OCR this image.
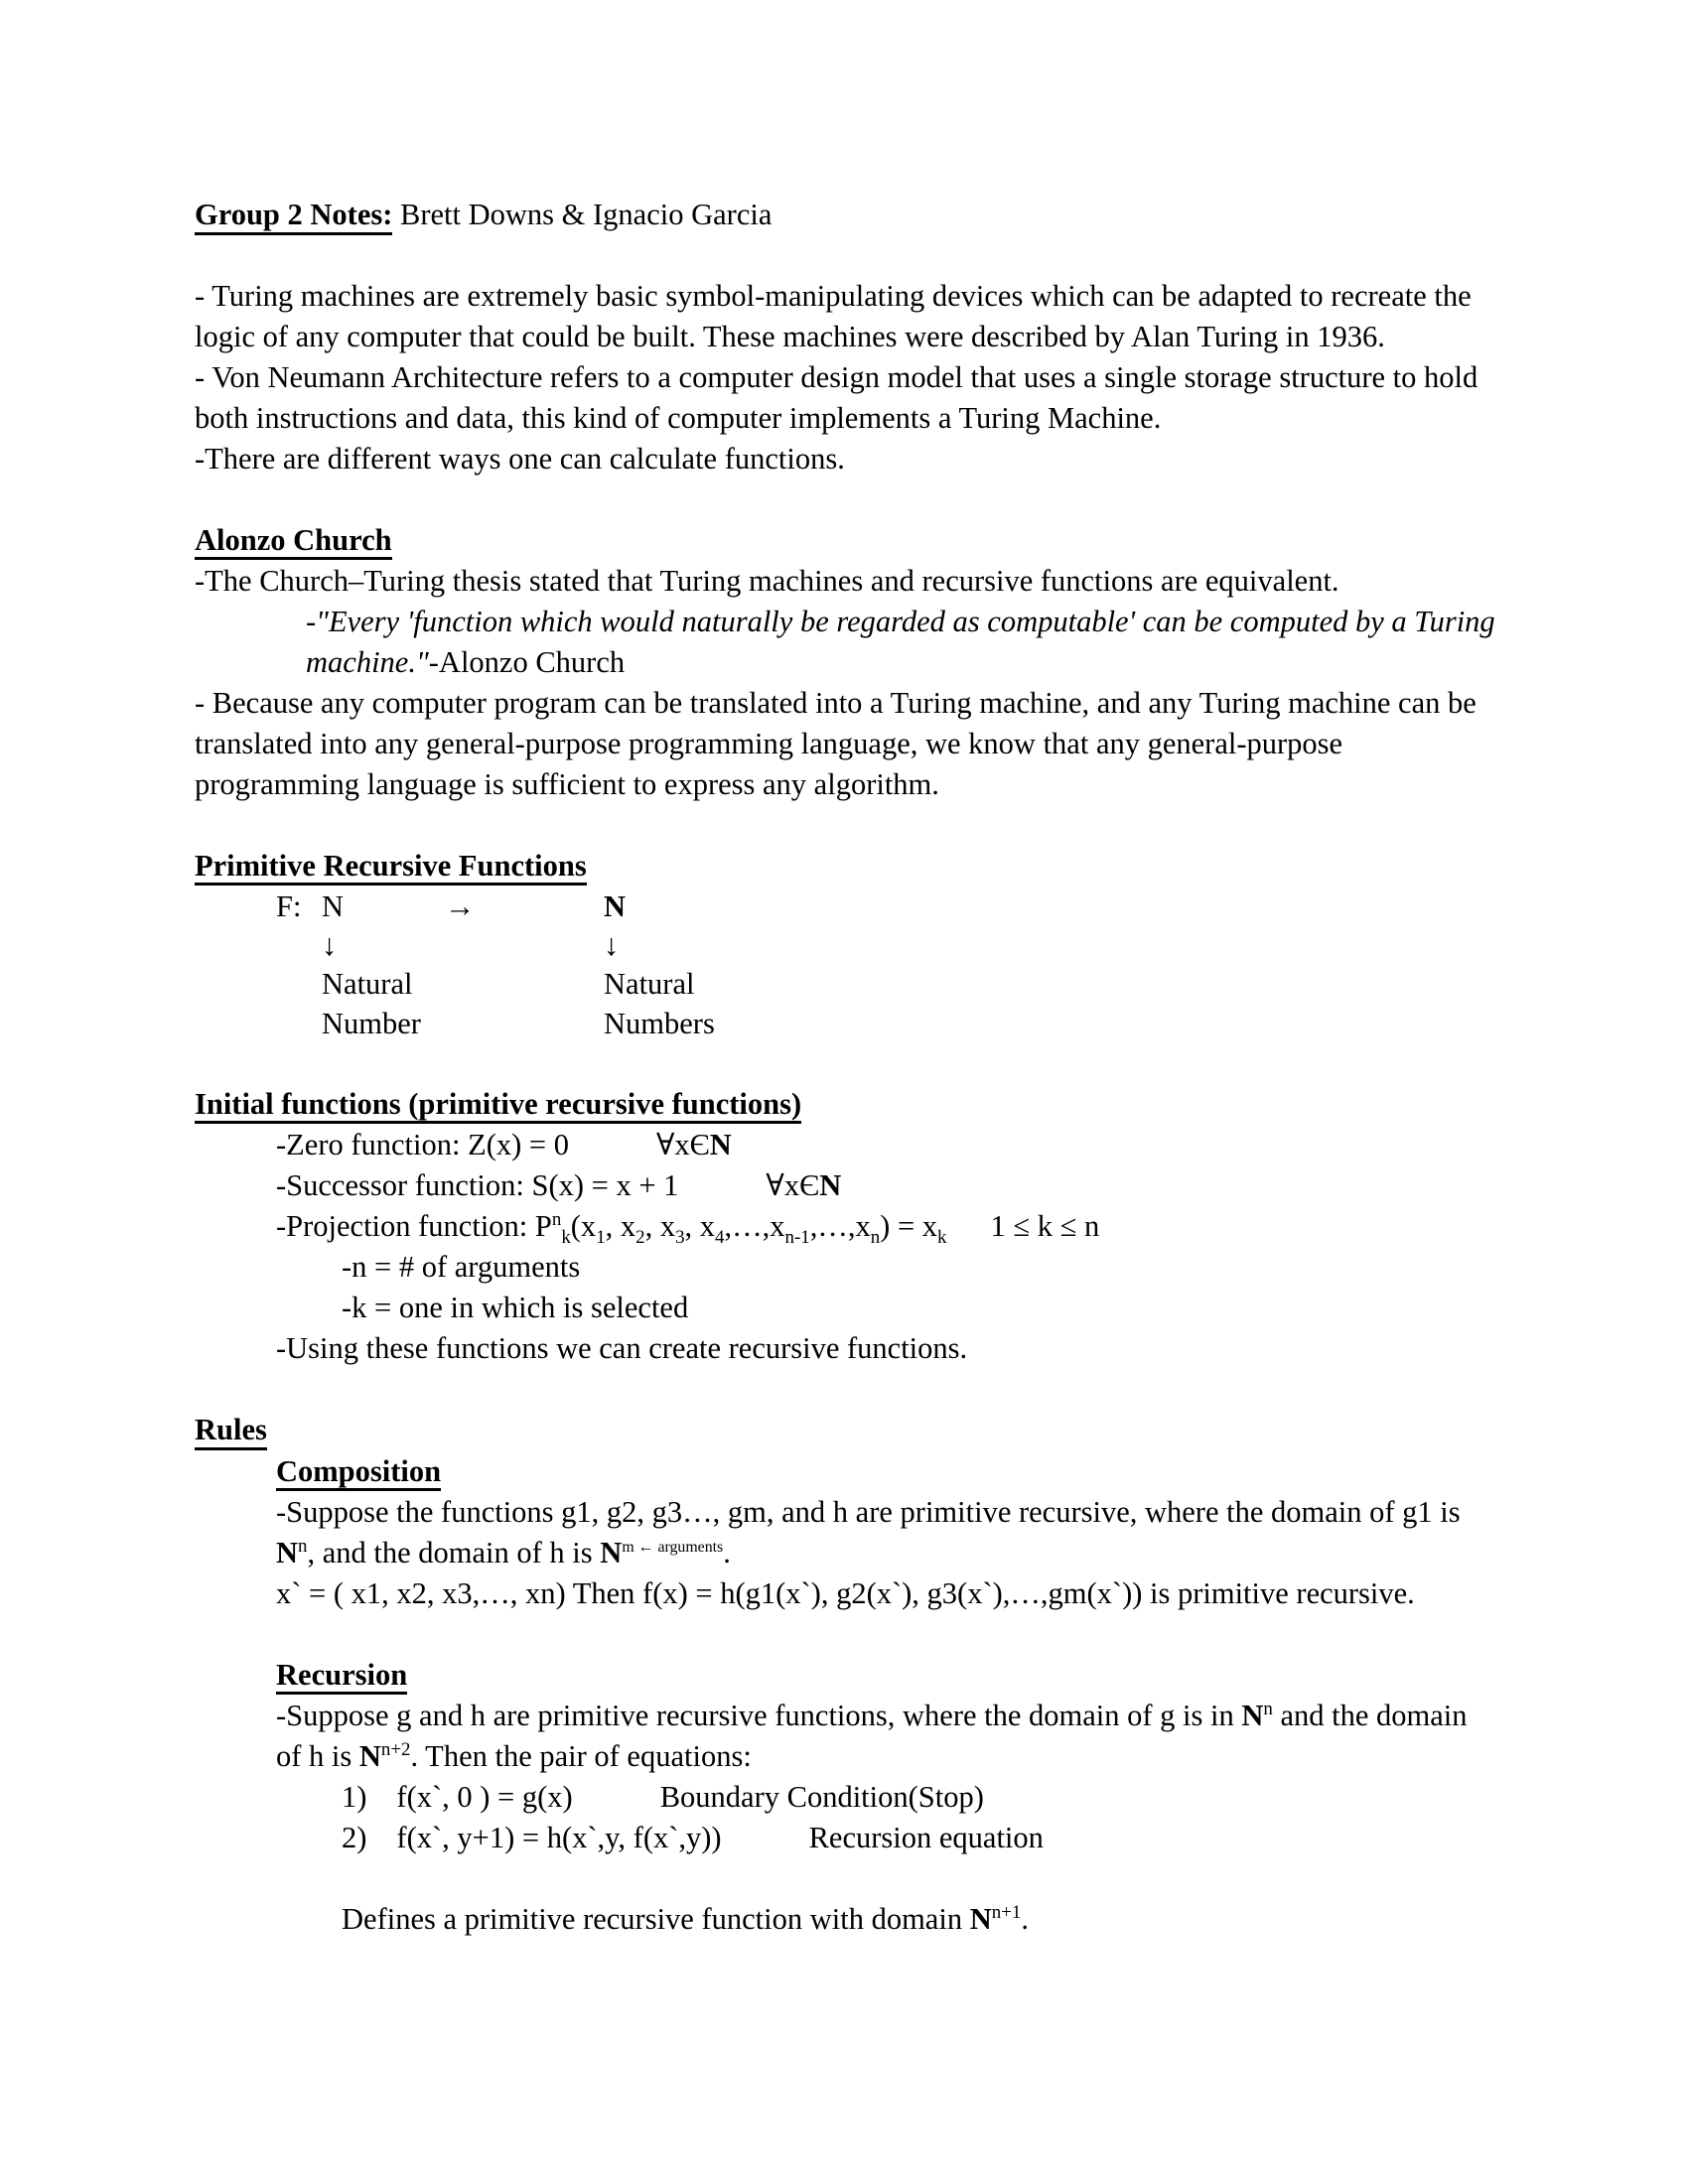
Group 2 Notes: Brett Downs & Ignacio Garcia

- Turing machines are extremely basic symbol-manipulating devices which can be adapted to recreate the logic of any computer that could be built. These machines were described by Alan Turing in 1936.

- Von Neumann Architecture refers to a computer design model that uses a single storage structure to hold both instructions and data, this kind of computer implements a Turing Machine.

-There are different ways one can calculate functions.

Alonzo Church

-The Church–Turing thesis stated that Turing machines and recursive functions are equivalent.

-"Every 'function which would naturally be regarded as computable' can be computed by a Turing machine."-Alonzo Church

- Because any computer program can be translated into a Turing machine, and any Turing machine can be translated into any general-purpose programming language, we know that any general-purpose programming language is sufficient to express any algorithm.

Primitive Recursive Functions

F: N	→	N
↓	↓
Natural	Natural
Number	Numbers

Initial functions (primitive recursive functions)

-Zero function: Z(x) = 0	∀xЄN

-Successor function: S(x) = x + 1	∀xЄN

-Projection function: $P^n_k(x_1$, $x_2$, $x_3$, $x_4,\dots,x_{n-1},\dots,x_n) = x_k$ 1 ≤ k ≤ n

-n = # of arguments

-k = one in which is selected

-Using these functions we can create recursive functions.

Rules

Composition

-Suppose the functions g1, g2, g3…, gm, and h are primitive recursive, where the domain of g1 is $N^n$, and the domain of h is $N^{m \leftarrow arguments}$.

x` = ( x1, x2, x3,…, xn) Then f(x) = h(g1(x`), g2(x`), g3(x`),…,gm(x`)) is primitive recursive.

Recursion

-Suppose g and h are primitive recursive functions, where the domain of g is in $N^n$ and the domain of h is $N^{n+2}$. Then the pair of equations:

1) f(x`, 0 ) = g(x)	Boundary Condition(Stop)

2) f(x`, y+1) = h(x`,y, f(x`,y))	Recursion equation

Defines a primitive recursive function with domain $N^{n+1}$.
